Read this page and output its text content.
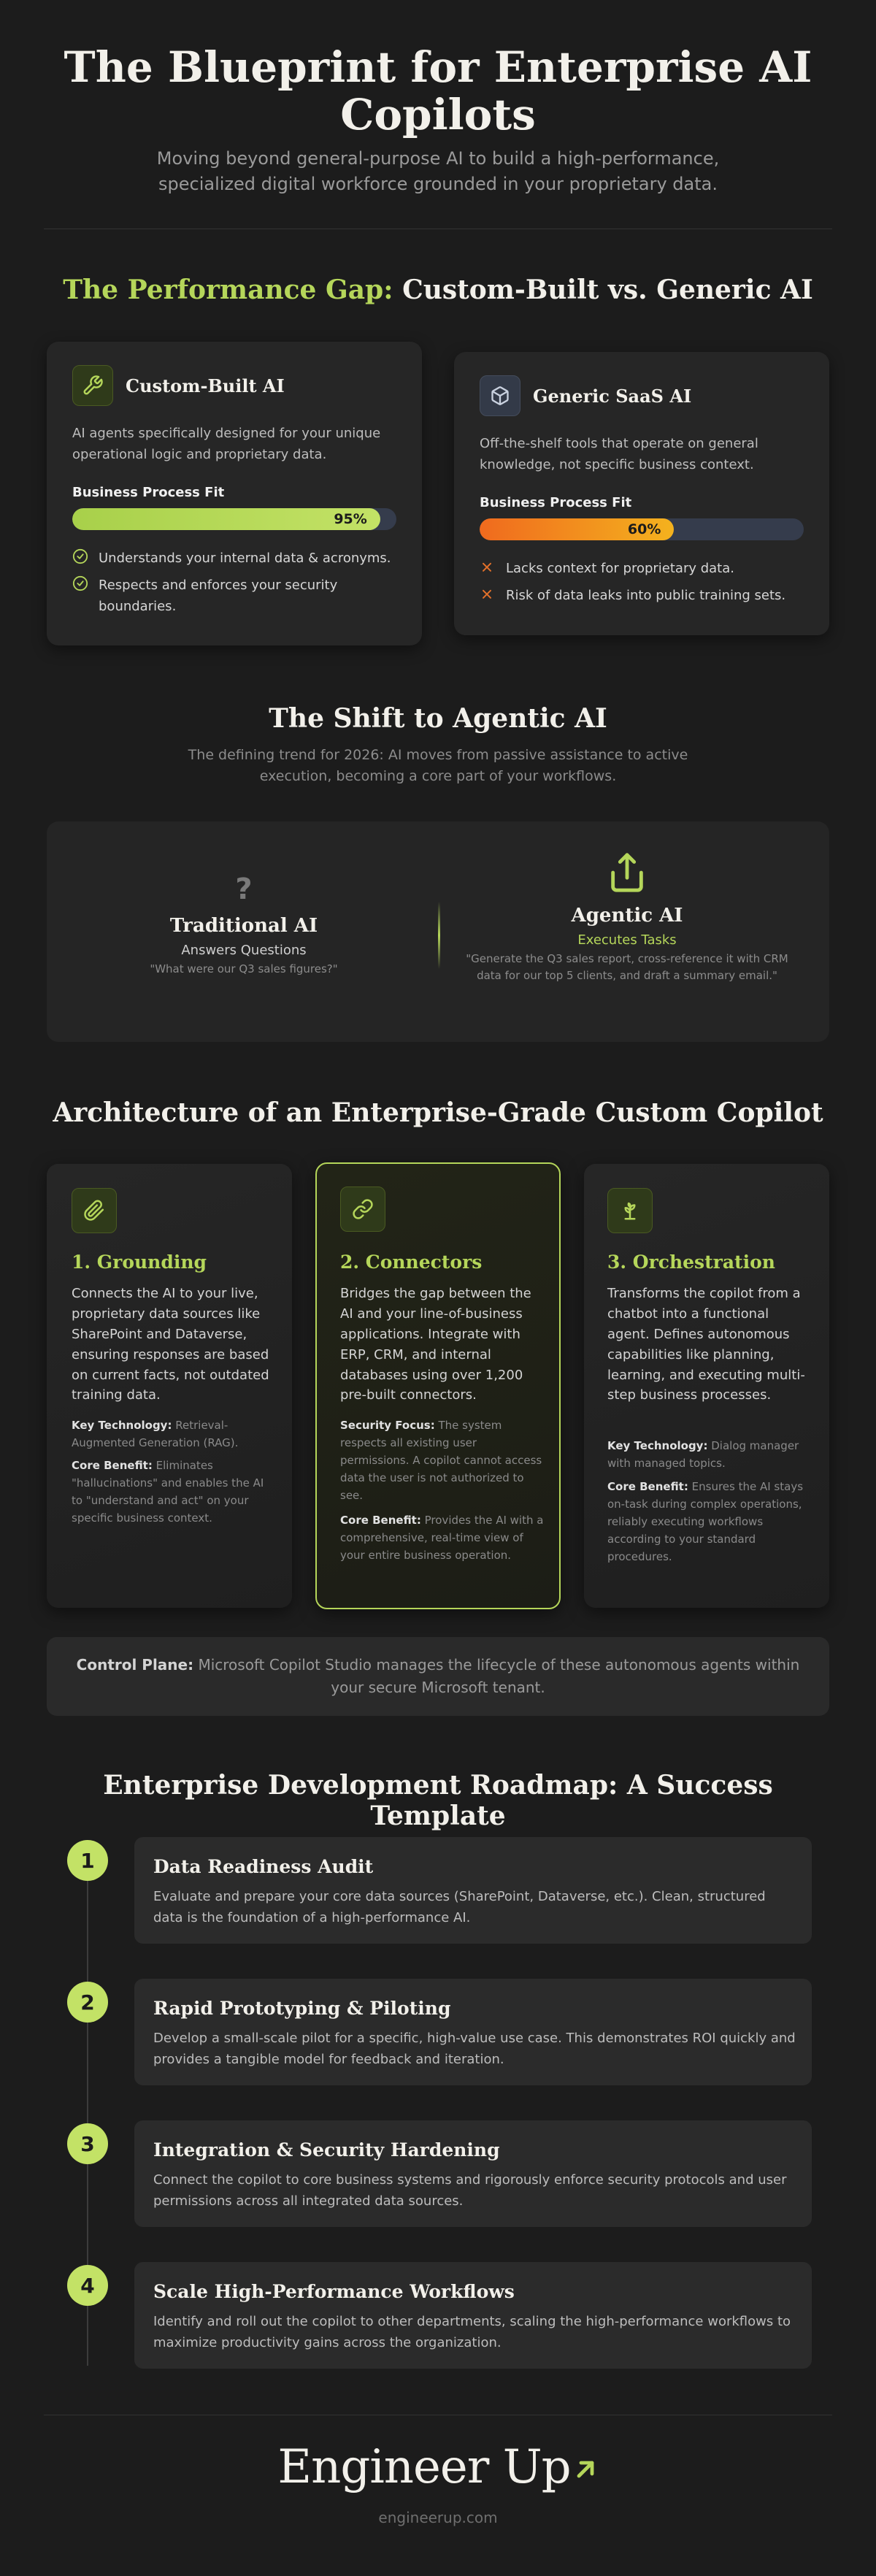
The Blueprint for Enterprise AI Copilots
Moving beyond general-purpose AI to build a high-performance, specialized digital workforce grounded in your proprietary data.
The Performance Gap: Custom-Built vs. Generic AI
Custom-Built AI
AI agents specifically designed for your unique operational logic and proprietary data.
Business Process Fit
95%
Understands your internal data & acronyms.
Respects and enforces your security boundaries.
Generic SaaS AI
Off-the-shelf tools that operate on general knowledge, not specific business context.
Business Process Fit
60%
Lacks context for proprietary data.
Risk of data leaks into public training sets.
The Shift to Agentic AI
The defining trend for 2026: AI moves from passive assistance to active execution, becoming a core part of your workflows.
?
Traditional AI
Answers Questions
"What were our Q3 sales figures?"
Agentic AI
Executes Tasks
"Generate the Q3 sales report, cross-reference it with CRM data for our top 5 clients, and draft a summary email."
Architecture of an Enterprise-Grade Custom Copilot
1. Grounding
Connects the AI to your live, proprietary data sources like SharePoint and Dataverse, ensuring responses are based on current facts, not outdated training data.
Key Technology: Retrieval-Augmented Generation (RAG).
Core Benefit: Eliminates "hallucinations" and enables the AI to "understand and act" on your specific business context.
2. Connectors
Bridges the gap between the AI and your line-of-business applications. Integrate with ERP, CRM, and internal databases using over 1,200 pre-built connectors.
Security Focus: The system respects all existing user permissions. A copilot cannot access data the user is not authorized to see.
Core Benefit: Provides the AI with a comprehensive, real-time view of your entire business operation.
3. Orchestration
Transforms the copilot from a chatbot into a functional agent. Defines autonomous capabilities like planning, learning, and executing multi-step business processes.
Key Technology: Dialog manager with managed topics.
Core Benefit: Ensures the AI stays on-task during complex operations, reliably executing workflows according to your standard procedures.
Control Plane: Microsoft Copilot Studio manages the lifecycle of these autonomous agents within your secure Microsoft tenant.
Enterprise Development Roadmap: A Success Template
1	Data Readiness Audit
Evaluate and prepare your core data sources (SharePoint, Dataverse, etc.). Clean, structured data is the foundation of a high-performance AI.
2	Rapid Prototyping & Piloting
Develop a small-scale pilot for a specific, high-value use case. This demonstrates ROI quickly and provides a tangible model for feedback and iteration.
3	Integration & Security Hardening
Connect the copilot to core business systems and rigorously enforce security protocols and user permissions across all integrated data sources.
4	Scale High-Performance Workflows
Identify and roll out the copilot to other departments, scaling the high-performance workflows to maximize productivity gains across the organization.
Engineer Up
engineerup.com
